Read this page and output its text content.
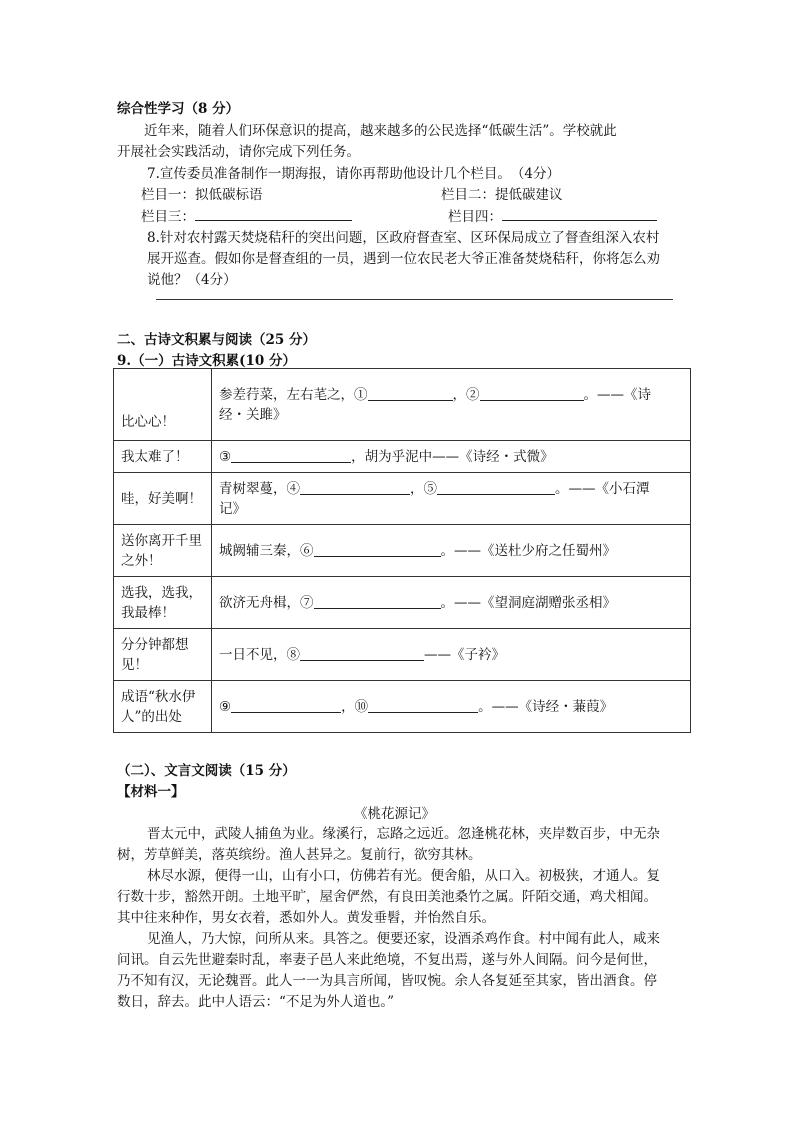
综合性学习（8 分）
近年来，随着人们环保意识的提高，越来越多的公民选择“低碳生活”。学校就此
开展社会实践活动，请你完成下列任务。
7.宣传委员准备制作一期海报，请你再帮助他设计几个栏目。　（4分）
栏目一：拟低碳标语	栏目二：提低碳建议
栏目三：	栏目四：
8.针对农村露天焚烧秸秆的突出问题，区政府督查室、区环保局成立了督查组深入农村
展开巡查。假如你是督查组的一员，遇到一位农民老大爷正准备焚烧秸秆，你将怎么劝
说他？（4分）
二、古诗文积累与阅读（25 分）
9.（一）古诗文积累(10 分）
比心心！	参差荇菜，左右芼之，① ，② 。——《诗
经・关雎》
我太难了！	③ ，胡为乎泥中——《诗经・式微》
哇，好美啊！	青树翠蔓，④ ，⑤ 。——《小石潭
记》
送你离开千里
之外！	城阙辅三秦，⑥ 。——《送杜少府之任蜀州》
选我，选我，
我最棒！	欲济无舟楫，⑦ 。——《望洞庭湖赠张丞相》
分分钟都想
见！	一日不见，⑧ ——《子衿》
成语“秋水伊
人”的出处	⑨ ，⑩ 。——《诗经・蒹葭》
（二）、文言文阅读（15 分）
【材料一】
《桃花源记》
晋太元中，武陵人捕鱼为业。缘溪行，忘路之远近。忽逢桃花林，夹岸数百步，中无杂
树，芳草鲜美，落英缤纷。渔人甚异之。复前行，欲穷其林。
林尽水源，便得一山，山有小口，仿佛若有光。便舍船，从口入。初极狭，才通人。复
行数十步，豁然开朗。土地平旷，屋舍俨然，有良田美池桑竹之属。阡陌交通，鸡犬相闻。
其中往来种作，男女衣着，悉如外人。黄发垂髫，并怡然自乐。
见渔人，乃大惊，问所从来。具答之。便要还家，设酒杀鸡作食。村中闻有此人，咸来
问讯。自云先世避秦时乱，率妻子邑人来此绝境，不复出焉，遂与外人间隔。问今是何世，
乃不知有汉，无论魏晋。此人一一为具言所闻，皆叹惋。余人各复延至其家，皆出酒食。停
数日，辞去。此中人语云：“不足为外人道也。”
